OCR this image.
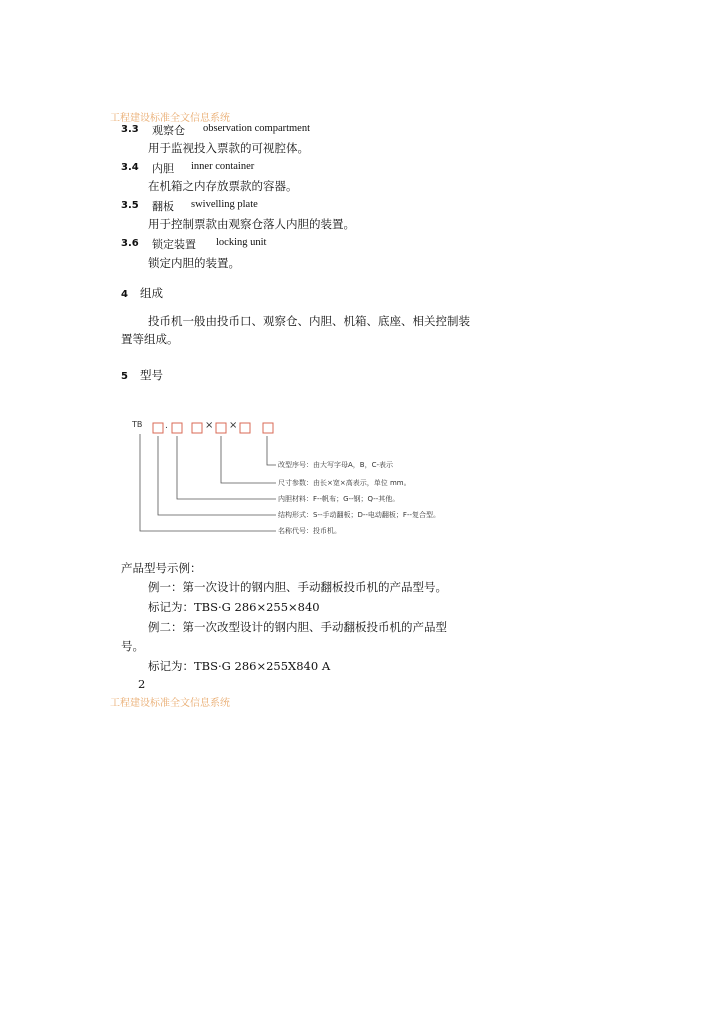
工程建设标准全文信息系统
3.3 观察仓 observation compartment
用于监视投入票款的可视腔体。
3.4 内胆 inner container
在机箱之内存放票款的容器。
3.5 翻板 swivelling plate
用于控制票款由观察仓落人内胆的装置。
3.6 锁定装置 locking unit
锁定内胆的装置。
4 组成
投币机一般由投币口、观察仓、内胆、机箱、底座、相关控制装
置等组成。
5 型号
TB	.	× ×
改型序号：由大写字母A，B，C-表示
尺寸参数：由长×宽×高表示，单位 mm。
内胆材料：F--帆布；G--钢；Q--其他。
结构形式：S--手动翻板；D--电动翻板；F--复合型。
名称代号：投币机。
产品型号示例：
例一：第一次设计的钢内胆、手动翻板投币机的产品型号。
标记为：TBS·G 286×255×840
例二：第一次改型设计的钢内胆、手动翻板投币机的产品型
号。
标记为：TBS·G 286×255X840 A
2
工程建设标准全文信息系统
